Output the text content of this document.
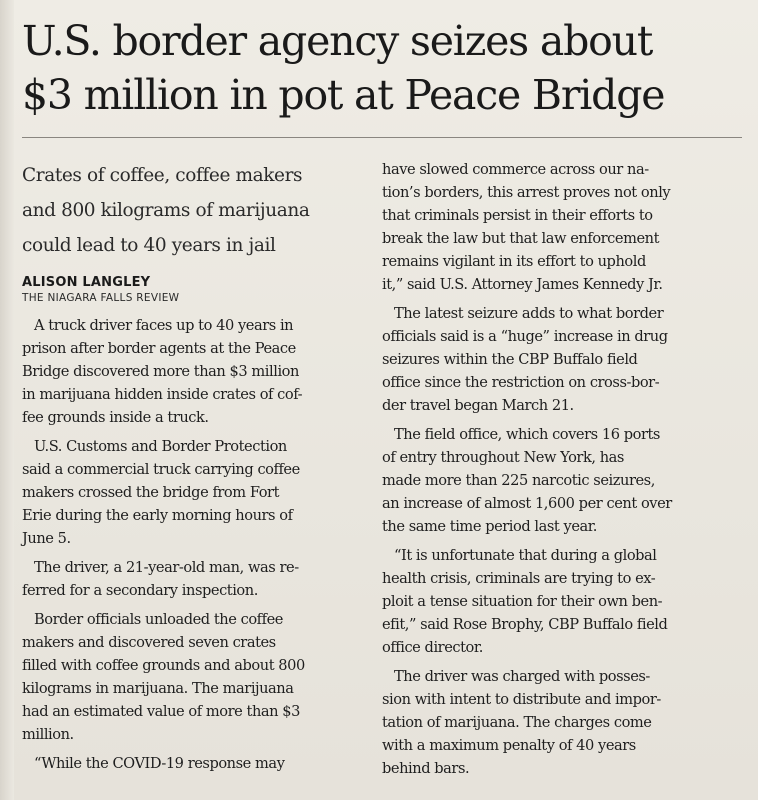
U.S. border agency seizes about
$3 million in pot at Peace Bridge
Crates of coffee, coffee makers
and 800 kilograms of marijuana
could lead to 40 years in jail
ALISON LANGLEY
THE NIAGARA FALLS REVIEW
A truck driver faces up to 40 years in
prison after border agents at the Peace
Bridge discovered more than $3 million
in marijuana hidden inside crates of cof-
fee grounds inside a truck.
U.S. Customs and Border Protection
said a commercial truck carrying coffee
makers crossed the bridge from Fort
Erie during the early morning hours of
June 5.
The driver, a 21-year-old man, was re-
ferred for a secondary inspection.
Border officials unloaded the coffee
makers and discovered seven crates
filled with coffee grounds and about 800
kilograms in marijuana. The marijuana
had an estimated value of more than $3
million.
“While the COVID-19 response may
have slowed commerce across our na-
tion’s borders, this arrest proves not only
that criminals persist in their efforts to
break the law but that law enforcement
remains vigilant in its effort to uphold
it,” said U.S. Attorney James Kennedy Jr.
The latest seizure adds to what border
officials said is a “huge” increase in drug
seizures within the CBP Buffalo field
office since the restriction on cross-bor-
der travel began March 21.
The field office, which covers 16 ports
of entry throughout New York, has
made more than 225 narcotic seizures,
an increase of almost 1,600 per cent over
the same time period last year.
“It is unfortunate that during a global
health crisis, criminals are trying to ex-
ploit a tense situation for their own ben-
efit,” said Rose Brophy, CBP Buffalo field
office director.
The driver was charged with posses-
sion with intent to distribute and impor-
tation of marijuana. The charges come
with a maximum penalty of 40 years
behind bars.
